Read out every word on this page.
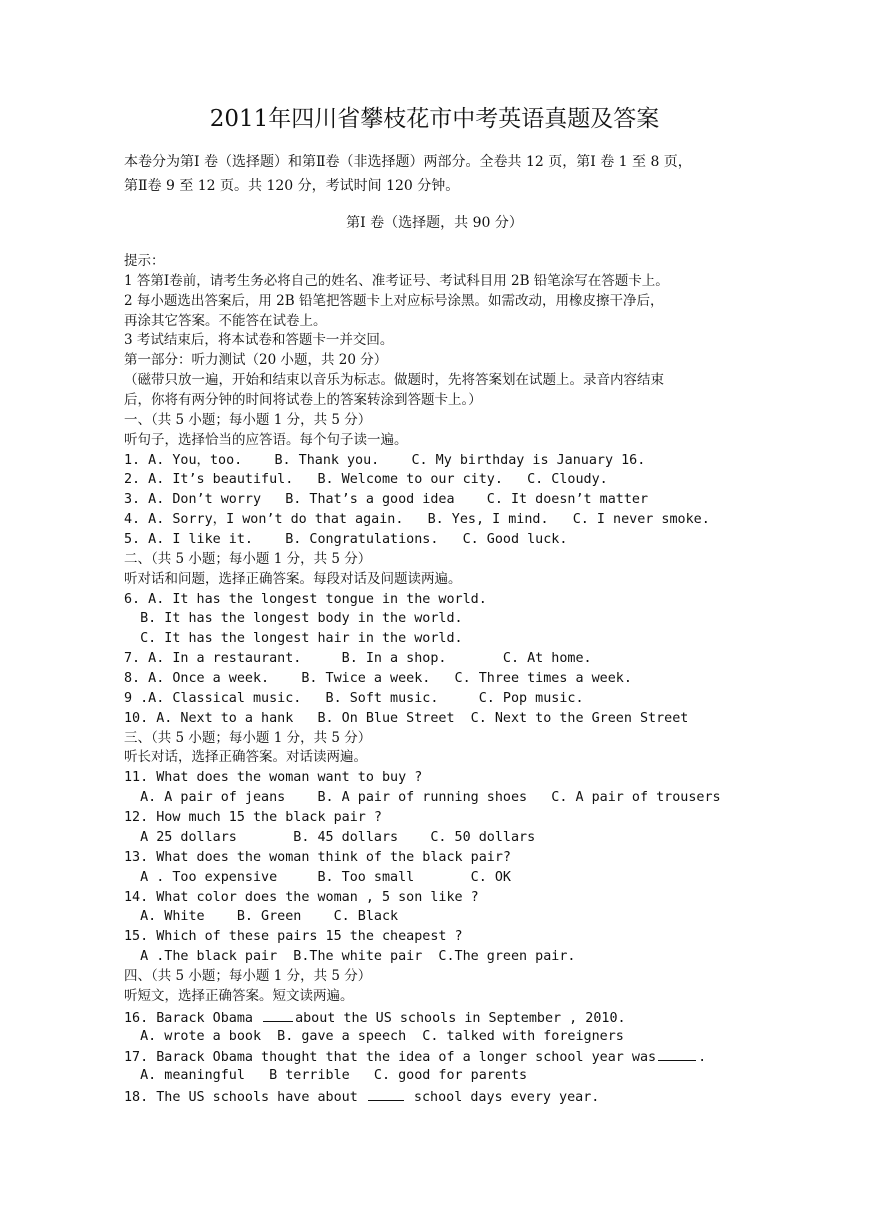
2011年四川省攀枝花市中考英语真题及答案
本卷分为第Ⅰ 卷（选择题）和第Ⅱ卷（非选择题）两部分。全卷共 12 页，第Ⅰ 卷 1 至 8 页，
第Ⅱ卷 9 至 12 页。共 120 分，考试时间 120 分钟。
第Ⅰ 卷（选择题，共 90 分）
提示：
1 答第Ⅰ卷前，请考生务必将自己的姓名、准考证号、考试科目用 2B 铅笔涂写在答题卡上。
2 每小题选出答案后，用 2B 铅笔把答题卡上对应标号涂黑。如需改动，用橡皮擦干净后，
再涂其它答案。不能答在试卷上。
3 考试结束后，将本试卷和答题卡一并交回。
第一部分：听力测试（20 小题，共 20 分）
（磁带只放一遍，开始和结束以音乐为标志。做题时，先将答案划在试题上。录音内容结束
后，你将有两分钟的时间将试卷上的答案转涂到答题卡上。）
一、（共 5 小题；每小题 1 分，共 5 分）
听句子，选择恰当的应答语。每个句子读一遍。
1. A. You，too.    B. Thank you.    C. My birthday is January 16.
2. A. It’s beautiful.   B. Welcome to our city.   C. Cloudy.
3. A. Don’t worry   B. That’s a good idea    C. It doesn’t matter
4. A. Sorry，I won’t do that again.   B. Yes, I mind.   C. I never smoke.
5. A. I like it.    B. Congratulations.   C. Good luck.
二、（共 5 小题；每小题 1 分，共 5 分）
听对话和问题，选择正确答案。每段对话及问题读两遍。
6. A. It has the longest tongue in the world.
B. It has the longest body in the world.
C. It has the longest hair in the world.
7. A. In a restaurant.     B. In a shop.       C. At home.
8. A. Once a week.    B. Twice a week.   C. Three times a week.
9 .A. Classical music.   B. Soft music.     C. Pop music.
10. A. Next to a hank   B. On Blue Street  C. Next to the Green Street
三、（共 5 小题；每小题 1 分，共 5 分）
听长对话，选择正确答案。对话读两遍。
11. What does the woman want to buy ?
A. A pair of jeans    B. A pair of running shoes   C. A pair of trousers
12. How much 15 the black pair ?
A 25 dollars       B. 45 dollars    C. 50 dollars
13. What does the woman think of the black pair?
A . Too expensive     B. Too small       C. OK
14. What color does the woman , 5 son like ?
A. White    B. Green    C. Black
15. Which of these pairs 15 the cheapest ?
A .The black pair  B.The white pair  C.The green pair.
四、（共 5 小题；每小题 1 分，共 5 分）
听短文，选择正确答案。短文读两遍。
16. Barack Obama	about the US schools in September , 2010.
A. wrote a book  B. gave a speech  C. talked with foreigners
17. Barack Obama thought that the idea of a longer school year was	.
A. meaningful   B terrible   C. good for parents
18. The US schools have about	school days every year.
